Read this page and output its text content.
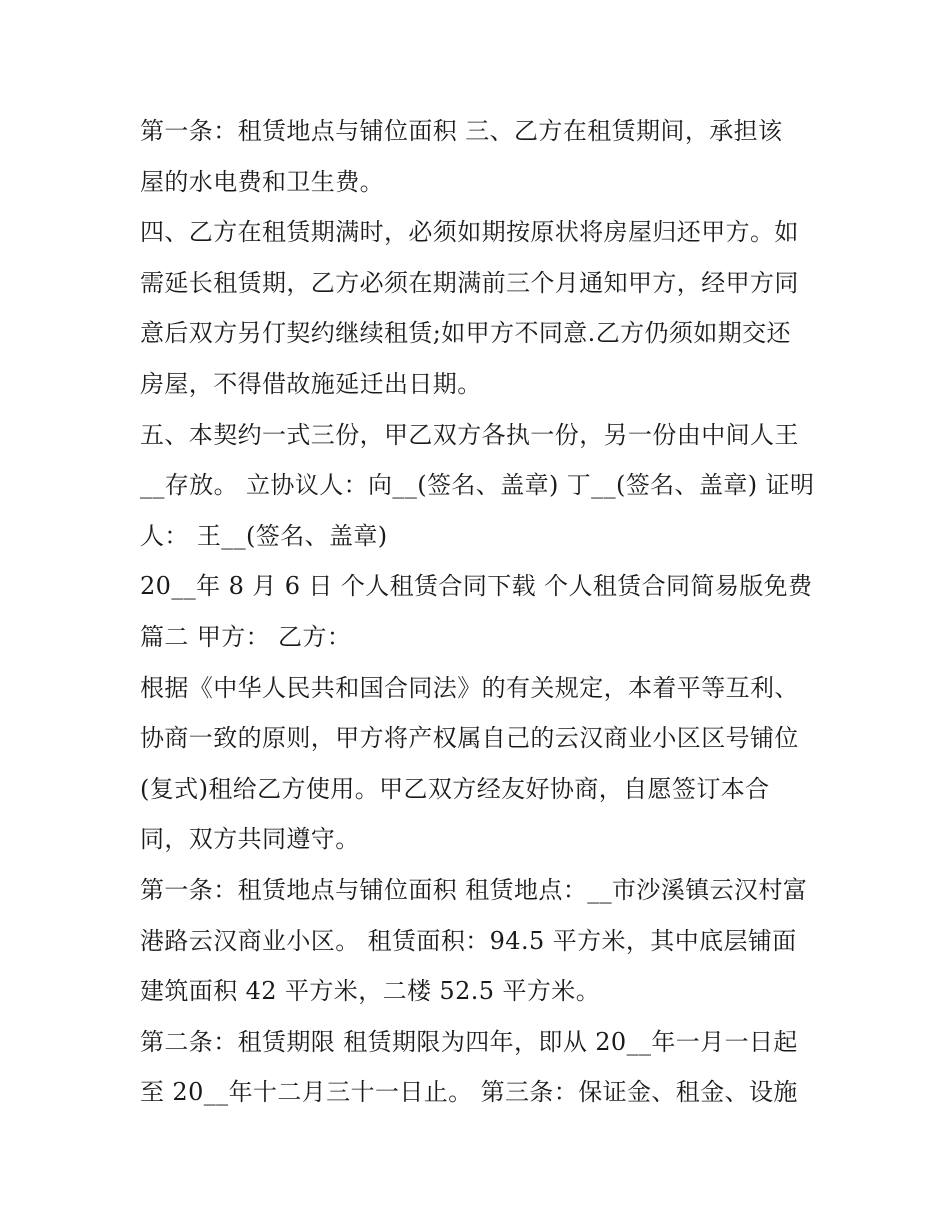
第一条：租赁地点与铺位面积 三、乙方在租赁期间，承担该
屋的水电费和卫生费。
四、乙方在租赁期满时，必须如期按原状将房屋归还甲方。如
需延长租赁期，乙方必须在期满前三个月通知甲方，经甲方同
意后双方另仃契约继续租赁;如甲方不同意.乙方仍须如期交还
房屋，不得借故施延迁出日期。
五、本契约一式三份，甲乙双方各执一份，另一份由中间人王
__存放。 立协议人：向__(签名、盖章) 丁__(签名、盖章) 证明
人： 王__(签名、盖章)
20__年 8 月 6 日 个人租赁合同下载 个人租赁合同简易版免费
篇二 甲方： 乙方：
根据《中华人民共和国合同法》的有关规定，本着平等互利、
协商一致的原则，甲方将产权属自己的云汉商业小区区号铺位
(复式)租给乙方使用。甲乙双方经友好协商，自愿签订本合
同，双方共同遵守。
第一条：租赁地点与铺位面积 租赁地点：__市沙溪镇云汉村富
港路云汉商业小区。 租赁面积：94.5 平方米，其中底层铺面
建筑面积 42 平方米，二楼 52.5 平方米。
第二条：租赁期限 租赁期限为四年，即从 20__年一月一日起
至 20__年十二月三十一日止。 第三条：保证金、租金、设施
